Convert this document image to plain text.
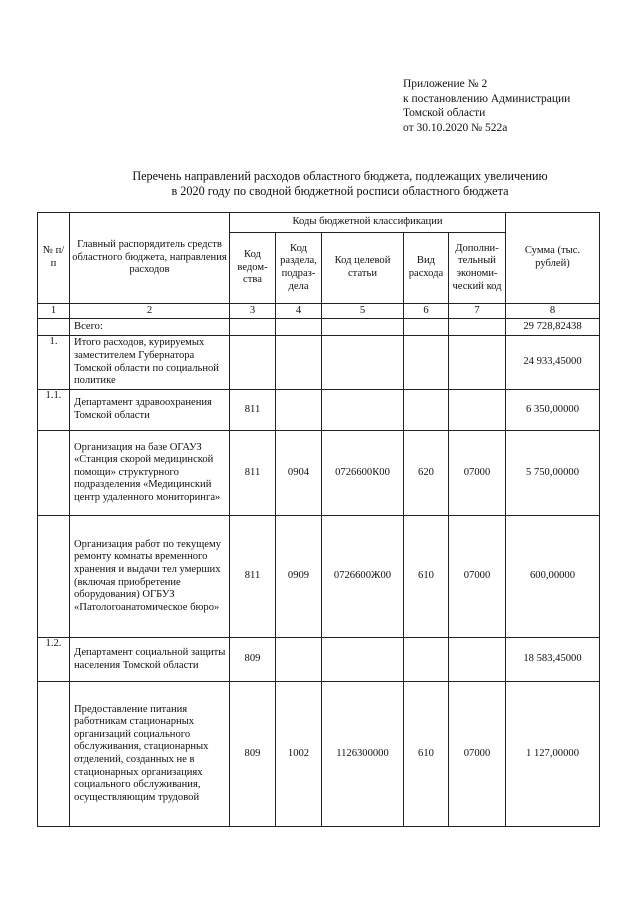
Приложение № 2
к постановлению Администрации
Томской области
от 30.10.2020 № 522а
Перечень направлений расходов областного бюджета, подлежащих увеличению
в 2020 году по сводной бюджетной росписи областного бюджета
№ п/п	Главный распорядитель средств областного бюджета, направления расходов	Коды бюджетной классификации					Сумма (тыс. рублей)
		Код ведом-ства	Код раздела, подраз-дела	Код целевой статьи	Вид расхода	Дополни-тельный экономи-ческий код	
1	2	3	4	5	6	7	8
	Всего:						29 728,82438
1.	Итого расходов, курируемых заместителем Губернатора Томской области по социальной политике						24 933,45000
1.1.	Департамент здравоохранения Томской области	811					6 350,00000
	Организация на базе ОГАУЗ «Станция скорой медицинской помощи» структурного подразделения «Медицинский центр удаленного мониторинга»	811	0904	0726600К00	620	07000	5 750,00000
	Организация работ по текущему ремонту комнаты временного хранения и выдачи тел умерших (включая приобретение оборудования) ОГБУЗ «Патологоанатомическое бюро»	811	0909	0726600Ж00	610	07000	600,00000
1.2.	Департамент социальной защиты населения Томской области	809					18 583,45000
	Предоставление питания работникам стационарных организаций социального обслуживания, стационарных отделений, созданных не в стационарных организациях социального обслуживания, осуществляющим трудовой	809	1002	1126300000	610	07000	1 127,00000
